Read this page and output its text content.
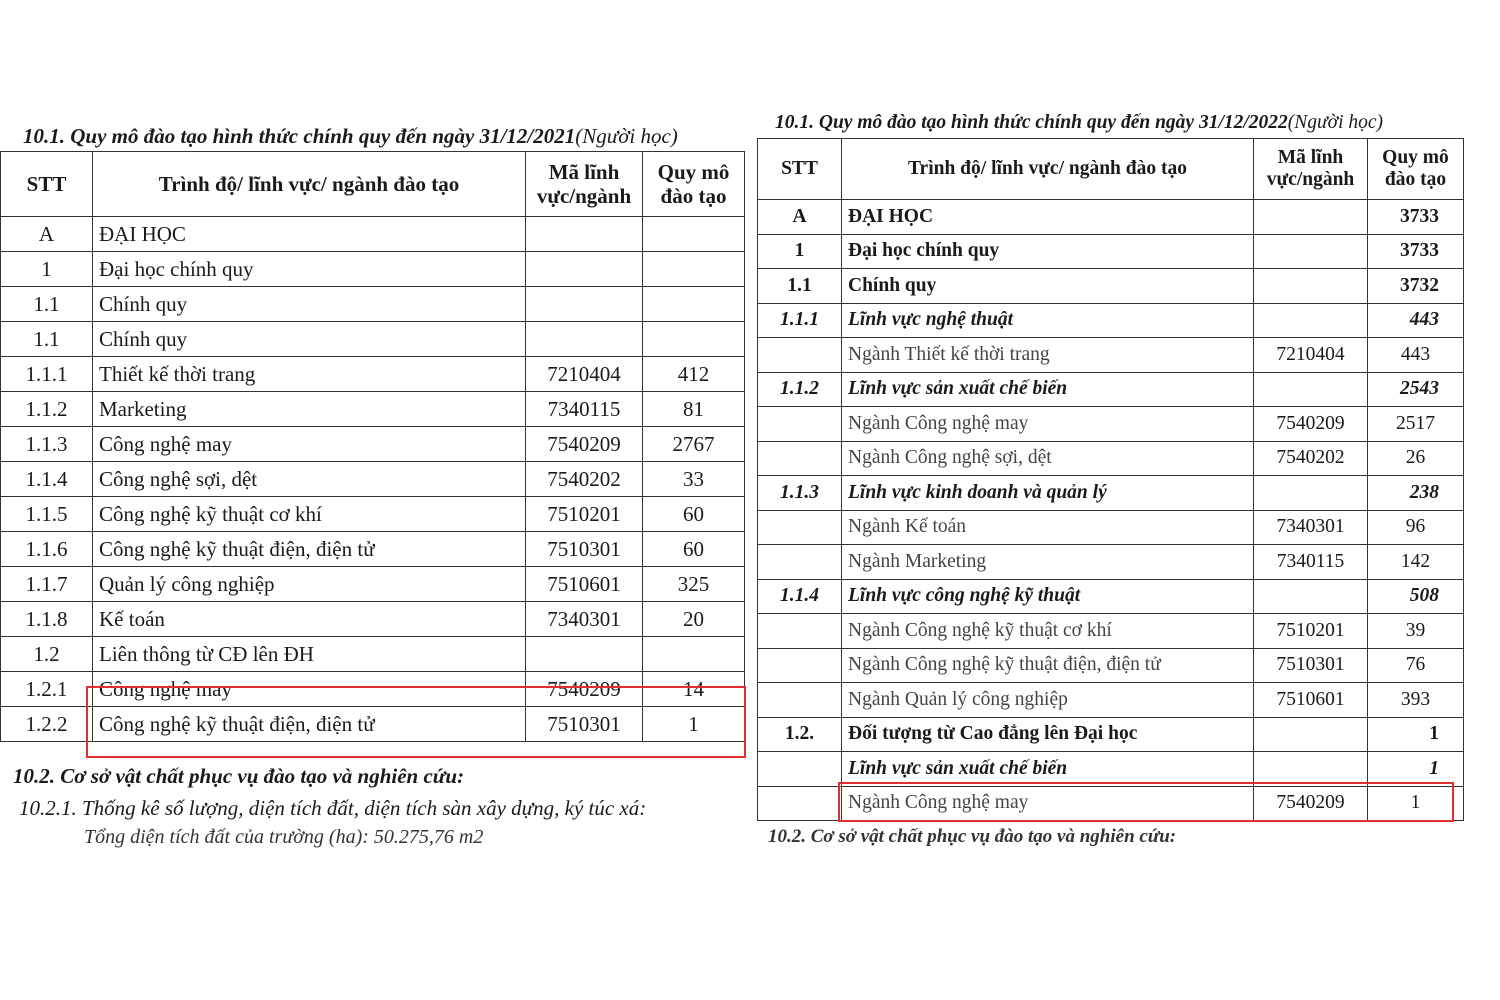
10.1. Quy mô đào tạo hình thức chính quy đến ngày 31/12/2021(Người học)
STT	Trình độ/ lĩnh vực/ ngành đào tạo	Mã lĩnh vực/ngành	Quy mô đào tạo
A	ĐẠI HỌC		
1	Đại học chính quy		
1.1	Chính quy		
1.1	Chính quy		
1.1.1	Thiết kế thời trang	7210404	412
1.1.2	Marketing	7340115	81
1.1.3	Công nghệ may	7540209	2767
1.1.4	Công nghệ sợi, dệt	7540202	33
1.1.5	Công nghệ kỹ thuật cơ khí	7510201	60
1.1.6	Công nghệ kỹ thuật điện, điện tử	7510301	60
1.1.7	Quản lý công nghiệp	7510601	325
1.1.8	Kế toán	7340301	20
1.2	Liên thông từ CĐ lên ĐH		
1.2.1	Công nghệ may	7540209	14
1.2.2	Công nghệ kỹ thuật điện, điện tử	7510301	1
10.2. Cơ sở vật chất phục vụ đào tạo và nghiên cứu:
10.2.1. Thống kê số lượng, diện tích đất, diện tích sàn xây dựng, ký túc xá:
Tổng diện tích đất của trường (ha): 50.275,76 m2
10.1. Quy mô đào tạo hình thức chính quy đến ngày 31/12/2022(Người học)
STT	Trình độ/ lĩnh vực/ ngành đào tạo	Mã lĩnh vực/ngành	Quy mô đào tạo
A	ĐẠI HỌC		3733
1	Đại học chính quy		3733
1.1	Chính quy		3732
1.1.1	Lĩnh vực nghệ thuật		443
	Ngành Thiết kế thời trang	7210404	443
1.1.2	Lĩnh vực sản xuất chế biến		2543
	Ngành Công nghệ may	7540209	2517
	Ngành Công nghệ sợi, dệt	7540202	26
1.1.3	Lĩnh vực kinh doanh và quản lý		238
	Ngành Kế toán	7340301	96
	Ngành Marketing	7340115	142
1.1.4	Lĩnh vực công nghệ kỹ thuật		508
	Ngành Công nghệ kỹ thuật cơ khí	7510201	39
	Ngành Công nghệ kỹ thuật điện, điện tử	7510301	76
	Ngành Quản lý công nghiệp	7510601	393
1.2.	Đối tượng từ Cao đẳng lên Đại học		1
	Lĩnh vực sản xuất chế biến		1
	Ngành Công nghệ may	7540209	1
10.2. Cơ sở vật chất phục vụ đào tạo và nghiên cứu:
